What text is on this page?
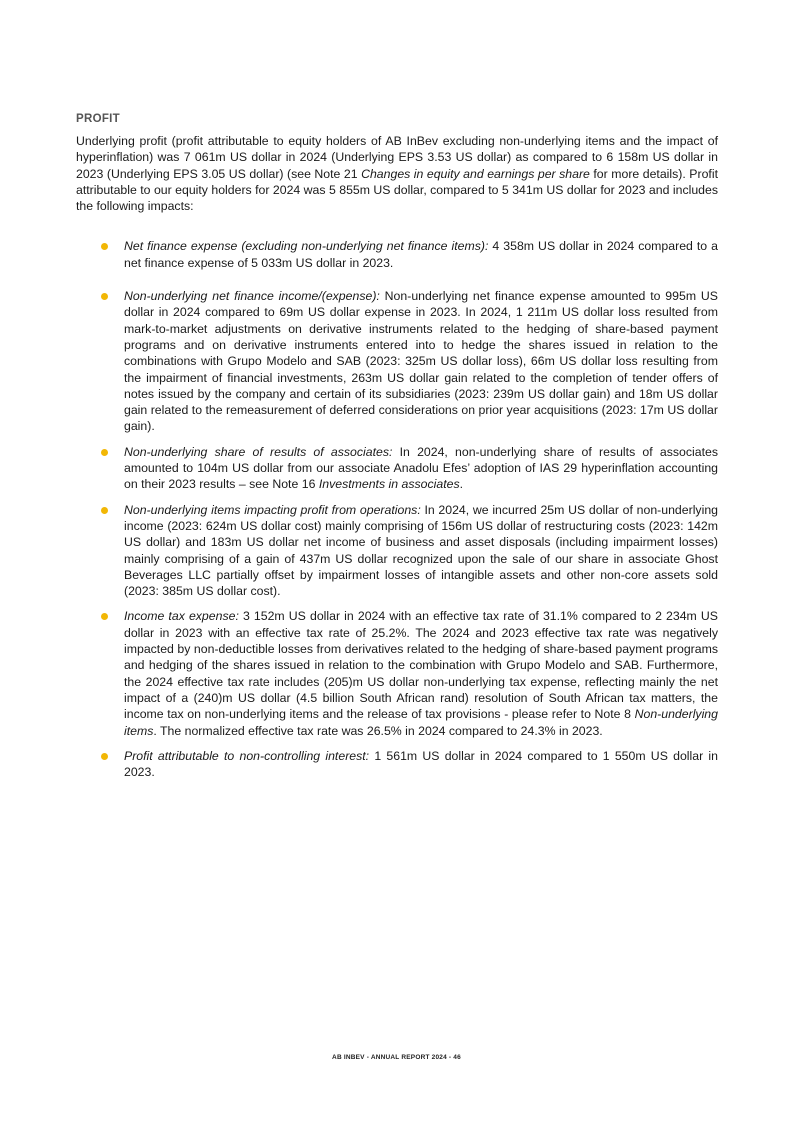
PROFIT

Underlying profit (profit attributable to equity holders of AB InBev excluding non-underlying items and the impact of hyperinflation) was 7 061m US dollar in 2024 (Underlying EPS 3.53 US dollar) as compared to 6 158m US dollar in 2023 (Underlying EPS 3.05 US dollar) (see Note 21 Changes in equity and earnings per share for more details). Profit attributable to our equity holders for 2024 was 5 855m US dollar, compared to 5 341m US dollar for 2023 and includes the following impacts:

Net finance expense (excluding non-underlying net finance items): 4 358m US dollar in 2024 compared to a net finance expense of 5 033m US dollar in 2023.
Non-underlying net finance income/(expense): Non-underlying net finance expense amounted to 995m US dollar in 2024 compared to 69m US dollar expense in 2023. In 2024, 1 211m US dollar loss resulted from mark-to-market adjustments on derivative instruments related to the hedging of share-based payment programs and on derivative instruments entered into to hedge the shares issued in relation to the combinations with Grupo Modelo and SAB (2023: 325m US dollar loss), 66m US dollar loss resulting from the impairment of financial investments, 263m US dollar gain related to the completion of tender offers of notes issued by the company and certain of its subsidiaries (2023: 239m US dollar gain) and 18m US dollar gain related to the remeasurement of deferred considerations on prior year acquisitions (2023: 17m US dollar gain).
Non-underlying share of results of associates: In 2024, non-underlying share of results of associates amounted to 104m US dollar from our associate Anadolu Efes’ adoption of IAS 29 hyperinflation accounting on their 2023 results – see Note 16 Investments in associates.
Non-underlying items impacting profit from operations: In 2024, we incurred 25m US dollar of non-underlying income (2023: 624m US dollar cost) mainly comprising of 156m US dollar of restructuring costs (2023: 142m US dollar) and 183m US dollar net income of business and asset disposals (including impairment losses) mainly comprising of a gain of 437m US dollar recognized upon the sale of our share in associate Ghost Beverages LLC partially offset by impairment losses of intangible assets and other non-core assets sold (2023: 385m US dollar cost).
Income tax expense: 3 152m US dollar in 2024 with an effective tax rate of 31.1% compared to 2 234m US dollar in 2023 with an effective tax rate of 25.2%. The 2024 and 2023 effective tax rate was negatively impacted by non-deductible losses from derivatives related to the hedging of share-based payment programs and hedging of the shares issued in relation to the combination with Grupo Modelo and SAB. Furthermore, the 2024 effective tax rate includes (205)m US dollar non-underlying tax expense, reflecting mainly the net impact of a (240)m US dollar (4.5 billion South African rand) resolution of South African tax matters, the income tax on non-underlying items and the release of tax provisions - please refer to Note 8 Non-underlying items. The normalized effective tax rate was 26.5% in 2024 compared to 24.3% in 2023.
Profit attributable to non-controlling interest: 1 561m US dollar in 2024 compared to 1 550m US dollar in 2023.
AB INBEV - ANNUAL REPORT 2024 - 46
